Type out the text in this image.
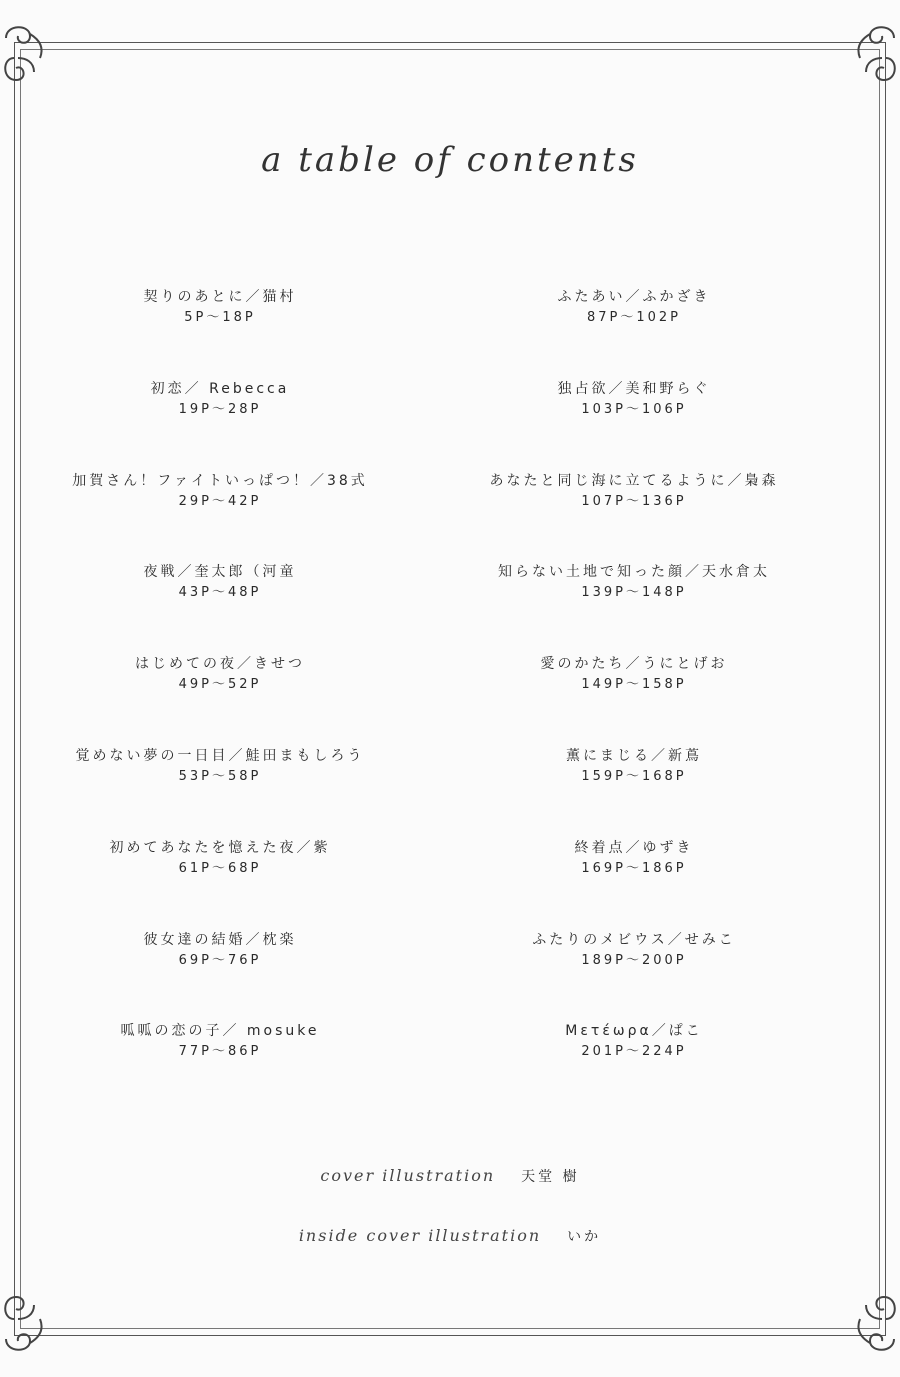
a table of contents
契りのあとに／猫村
5P～18P
初恋／ Rebecca
19P～28P
加賀さん！ファイトいっぱつ！／38式
29P～42P
夜戦／奎太郎（河童
43P～48P
はじめての夜／きせつ
49P～52P
覚めない夢の一日目／鮭田まもしろう
53P～58P
初めてあなたを憶えた夜／紫
61P～68P
彼女達の結婚／枕楽
69P～76P
呱呱の恋の子／ mosuke
77P～86P
ふたあい／ふかざき
87P～102P
独占欲／美和野らぐ
103P～106P
あなたと同じ海に立てるように／梟森
107P～136P
知らない土地で知った顔／天水倉太
139P～148P
愛のかたち／うにとげお
149P～158P
薫にまじる／新蔦
159P～168P
終着点／ゆずき
169P～186P
ふたりのメビウス／せみこ
189P～200P
Μετέωρα／ぱこ
201P～224P
cover illustration 天堂 樹
inside cover illustration いか
